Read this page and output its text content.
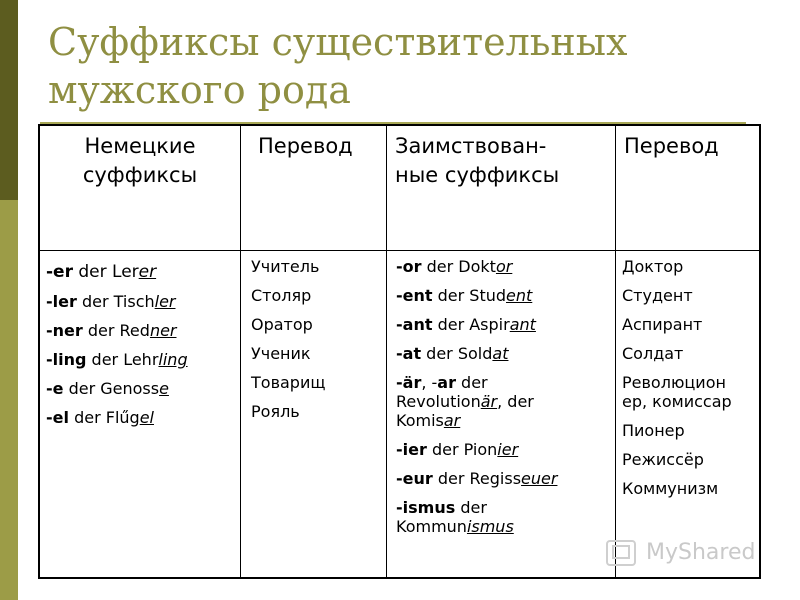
Суффиксы существительных
мужского рода
Немецкие
суффиксы
Перевод	Заимствован-
ные суффиксы
Перевод
-er der Lerer
-ler der Tischler
-ner der Redner
-ling der Lehrling
-e der Genosse
-el der Flűgel
Учитель
Столяр
Оратор
Ученик
Товарищ
Рояль
-or der Doktor
-ent der Student
-ant der Aspirant
-at der Soldat
-är, -ar der
Revolutionär, der
Komisar
-ier der Pionier
-eur der Regisseuer
-ismus der
Kommunismus
Доктор
Студент
Аспирант
Солдат
Революцион ер, комиссар
Пионер
Режиссёр
Коммунизм
MyShared
